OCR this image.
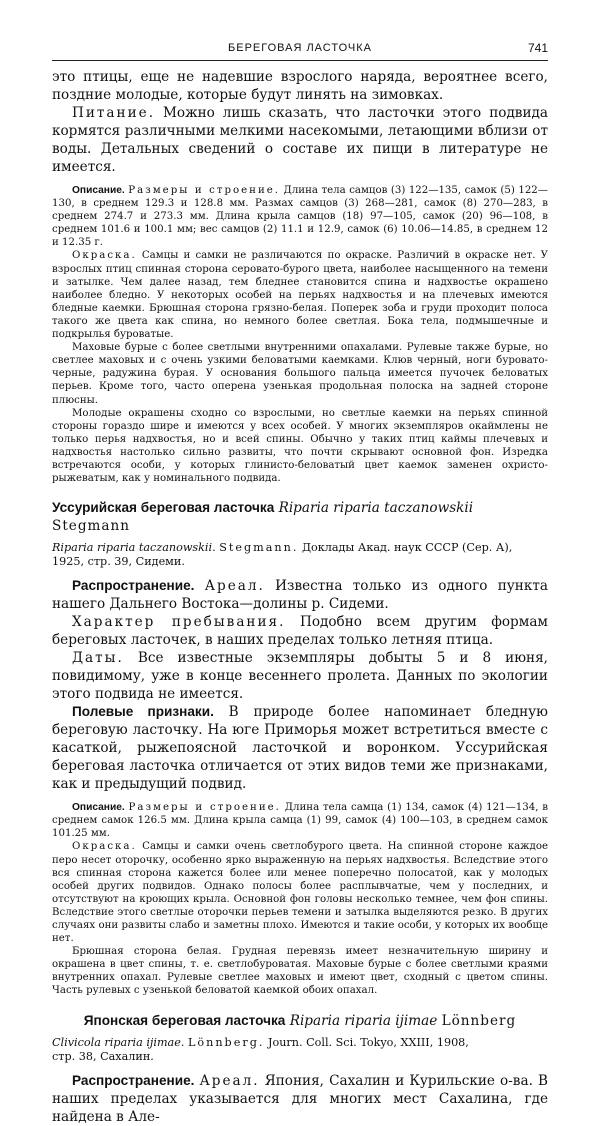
БЕРЕГОВАЯ ЛАСТОЧКА	741

это птицы, еще не надевшие взрослого наряда, вероятнее всего, поздние молодые, которые будут линять на зимовках.

Питание. Можно лишь сказать, что ласточки этого подвида кормятся различными мелкими насекомыми, летающими вблизи от воды. Детальных сведений о составе их пищи в литературе не имеется.

Описание. Размеры и строение. Длина тела самцов (3) 122—135, самок (5) 122—130, в среднем 129.3 и 128.8 мм. Размах самцов (3) 268—281, самок (8) 270—283, в среднем 274.7 и 273.3 мм. Длина крыла самцов (18) 97—105, самок (20) 96—108, в среднем 101.6 и 100.1 мм; вес самцов (2) 11.1 и 12.9, самок (6) 10.06—14.85, в среднем 12 и 12.35 г.

Окраска. Самцы и самки не различаются по окраске. Различий в окраске нет. У взрослых птиц спинная сторона серовато-бурого цвета, наиболее насыщенного на темени и затылке. Чем далее назад, тем бледнее становится спина и надхвостье окрашено наиболее бледно. У некоторых особей на перьях надхвостья и на плечевых имеются бледные каемки. Брюшная сторона грязно-белая. Поперек зоба и груди проходит полоса такого же цвета как спина, но немного более светлая. Бока тела, подмышечные и подкрылья буроватые.

Маховые бурые с более светлыми внутренними опахалами. Рулевые также бурые, но светлее маховых и с очень узкими беловатыми каемками. Клюв черный, ноги буровато-черные, радужина бурая. У основания большого пальца имеется пучочек беловатых перьев. Кроме того, часто оперена узенькая продольная полоска на задней стороне плюсны.

Молодые окрашены сходно со взрослыми, но светлые каемки на перьях спинной стороны гораздо шире и имеются у всех особей. У многих экземпляров окаймлены не только перья надхвостья, но и всей спины. Обычно у таких птиц каймы плечевых и надхвостья настолько сильно развиты, что почти скрывают основной фон. Изредка встречаются особи, у которых глинисто-беловатый цвет каемок заменен охристо-рыжеватым, как у номинального подвида.

Уссурийская береговая ласточка Riparia riparia taczanowskii Stegmann

Riparia riparia taczanowskii. Stegmann. Доклады Акад. наук СССР (Сер. А),

1925, стр. 39, Сидеми.

Распространение. Ареал. Известна только из одного пункта нашего Дальнего Востока—долины р. Сидеми.

Характер пребывания. Подобно всем другим формам береговых ласточек, в наших пределах только летняя птица.

Даты. Все известные экземпляры добыты 5 и 8 июня, повидимому, уже в конце весеннего пролета. Данных по экологии этого подвида не имеется.

Полевые признаки. В природе более напоминает бледную береговую ласточку. На юге Приморья может встретиться вместе с касаткой, рыжепоясной ласточкой и воронком. Уссурийская береговая ласточка отличается от этих видов теми же признаками, как и предыдущий подвид.

Описание. Размеры и строение. Длина тела самца (1) 134, самок (4) 121—134, в среднем самок 126.5 мм. Длина крыла самца (1) 99, самок (4) 100—103, в среднем самок 101.25 мм.

Окраска. Самцы и самки очень светлобурого цвета. На спинной стороне каждое перо несет оторочку, особенно ярко выраженную на перьях надхвостья. Вследствие этого вся спинная сторона кажется более или менее поперечно полосатой, как у молодых особей других подвидов. Однако полосы более расплывчатые, чем у последних, и отсутствуют на кроющих крыла. Основной фон головы несколько темнее, чем фон спины. Вследствие этого светлые оторочки перьев темени и затылка выделяются резко. В других случаях они развиты слабо и заметны плохо. Имеются и такие особи, у которых их вообще нет.

Брюшная сторона белая. Грудная перевязь имеет незначительную ширину и окрашена в цвет спины, т. е. светлобуроватая. Маховые бурые с более светлыми краями внутренних опахал. Рулевые светлее маховых и имеют цвет, сходный с цветом спины. Часть рулевых с узенькой беловатой каемкой обоих опахал.

Японская береговая ласточка Riparia riparia ijimae Lönnberg

Clivicola riparia ijimae. Lönnberg. Journ. Coll. Sci. Tokyo, XXIII, 1908,

стр. 38, Сахалин.

Распространение. Ареал. Япония, Сахалин и Курильские о-ва. В наших пределах указывается для многих мест Сахалина, где найдена в Але-
